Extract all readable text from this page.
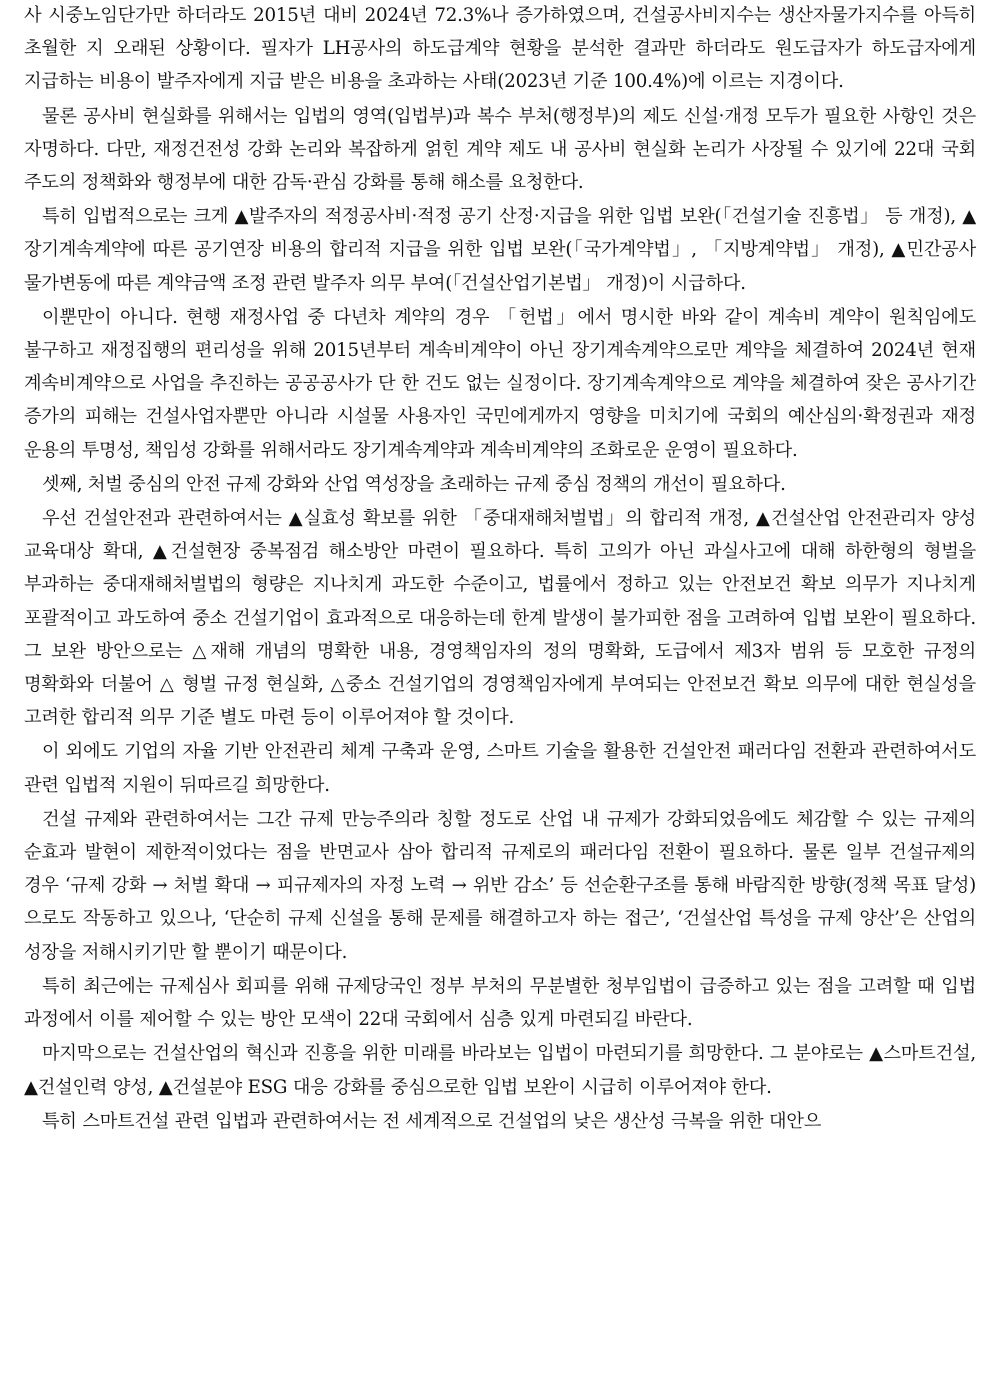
사 시중노임단가만 하더라도 2015년 대비 2024년 72.3%나 증가하였으며, 건설공사비지수는 생산자물가지수를 아득히 초월한 지 오래된 상황이다. 필자가 LH공사의 하도급계약 현황을 분석한 결과만 하더라도 원도급자가 하도급자에게 지급하는 비용이 발주자에게 지급 받은 비용을 초과하는 사태(2023년 기준 100.4%)에 이르는 지경이다.

물론 공사비 현실화를 위해서는 입법의 영역(입법부)과 복수 부처(행정부)의 제도 신설·개정 모두가 필요한 사항인 것은 자명하다. 다만, 재정건전성 강화 논리와 복잡하게 얽힌 계약 제도 내 공사비 현실화 논리가 사장될 수 있기에 22대 국회 주도의 정책화와 행정부에 대한 감독·관심 강화를 통해 해소를 요청한다.

특히 입법적으로는 크게 ▲발주자의 적정공사비·적정 공기 산정·지급을 위한 입법 보완(「건설기술 진흥법」 등 개정), ▲장기계속계약에 따른 공기연장 비용의 합리적 지급을 위한 입법 보완(「국가계약법」, 「지방계약법」 개정), ▲민간공사 물가변동에 따른 계약금액 조정 관련 발주자 의무 부여(「건설산업기본법」 개정)이 시급하다.

이뿐만이 아니다. 현행 재정사업 중 다년차 계약의 경우 「헌법」에서 명시한 바와 같이 계속비 계약이 원칙임에도 불구하고 재정집행의 편리성을 위해 2015년부터 계속비계약이 아닌 장기계속계약으로만 계약을 체결하여 2024년 현재 계속비계약으로 사업을 추진하는 공공공사가 단 한 건도 없는 실정이다. 장기계속계약으로 계약을 체결하여 잦은 공사기간 증가의 피해는 건설사업자뿐만 아니라 시설물 사용자인 국민에게까지 영향을 미치기에 국회의 예산심의·확정권과 재정 운용의 투명성, 책임성 강화를 위해서라도 장기계속계약과 계속비계약의 조화로운 운영이 필요하다.

셋째, 처벌 중심의 안전 규제 강화와 산업 역성장을 초래하는 규제 중심 정책의 개선이 필요하다.

우선 건설안전과 관련하여서는 ▲실효성 확보를 위한 「중대재해처벌법」의 합리적 개정, ▲건설산업 안전관리자 양성 교육대상 확대, ▲건설현장 중복점검 해소방안 마련이 필요하다. 특히 고의가 아닌 과실사고에 대해 하한형의 형벌을 부과하는 중대재해처벌법의 형량은 지나치게 과도한 수준이고, 법률에서 정하고 있는 안전보건 확보 의무가 지나치게 포괄적이고 과도하여 중소 건설기업이 효과적으로 대응하는데 한계 발생이 불가피한 점을 고려하여 입법 보완이 필요하다. 그 보완 방안으로는 △재해 개념의 명확한 내용, 경영책임자의 정의 명확화, 도급에서 제3자 범위 등 모호한 규정의 명확화와 더불어 △ 형벌 규정 현실화, △중소 건설기업의 경영책임자에게 부여되는 안전보건 확보 의무에 대한 현실성을 고려한 합리적 의무 기준 별도 마련 등이 이루어져야 할 것이다.

이 외에도 기업의 자율 기반 안전관리 체계 구축과 운영, 스마트 기술을 활용한 건설안전 패러다임 전환과 관련하여서도 관련 입법적 지원이 뒤따르길 희망한다.

건설 규제와 관련하여서는 그간 규제 만능주의라 칭할 정도로 산업 내 규제가 강화되었음에도 체감할 수 있는 규제의 순효과 발현이 제한적이었다는 점을 반면교사 삼아 합리적 규제로의 패러다임 전환이 필요하다. 물론 일부 건설규제의 경우 ‘규제 강화 → 처벌 확대 → 피규제자의 자정 노력 → 위반 감소’ 등 선순환구조를 통해 바람직한 방향(정책 목표 달성)으로도 작동하고 있으나, ‘단순히 규제 신설을 통해 문제를 해결하고자 하는 접근’, ‘건설산업 특성을 규제 양산’은 산업의 성장을 저해시키기만 할 뿐이기 때문이다.

특히 최근에는 규제심사 회피를 위해 규제당국인 정부 부처의 무분별한 청부입법이 급증하고 있는 점을 고려할 때 입법 과정에서 이를 제어할 수 있는 방안 모색이 22대 국회에서 심층 있게 마련되길 바란다.

마지막으로는 건설산업의 혁신과 진흥을 위한 미래를 바라보는 입법이 마련되기를 희망한다. 그 분야로는 ▲스마트건설, ▲건설인력 양성, ▲건설분야 ESG 대응 강화를 중심으로한 입법 보완이 시급히 이루어져야 한다.

특히 스마트건설 관련 입법과 관련하여서는 전 세계적으로 건설업의 낮은 생산성 극복을 위한 대안으
